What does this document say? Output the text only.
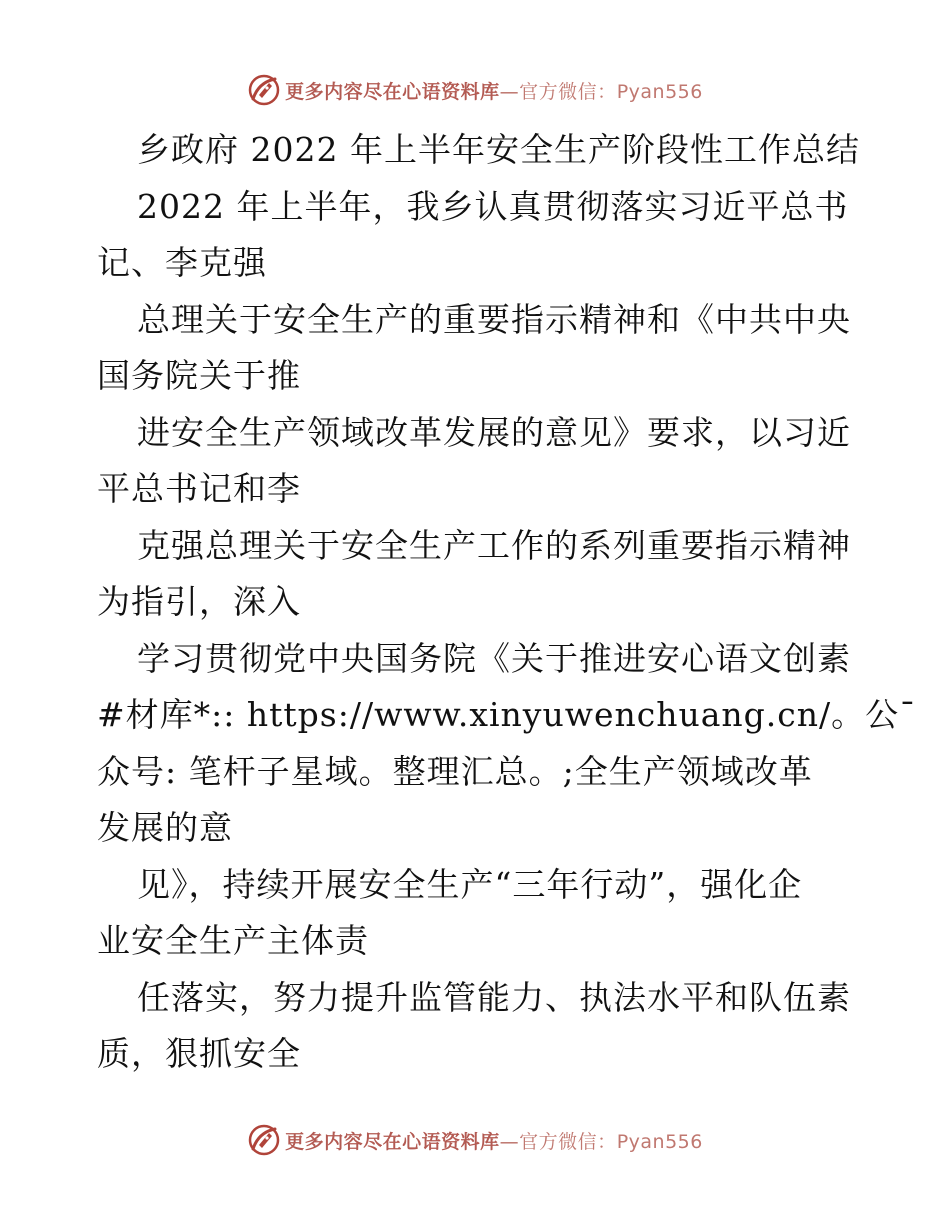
更多内容尽在心语资料库—官方微信：Pyan556
乡政府 2022 年上半年安全生产阶段性工作总结
2022 年上半年，我乡认真贯彻落实习近平总书
记、李克强
总理关于安全生产的重要指示精神和《中共中央
国务院关于推
进安全生产领域改革发展的意见》要求，以习近
平总书记和李
克强总理关于安全生产工作的系列重要指示精神
为指引，深入
学习贯彻党中央国务院《关于推进安心语文创素
#材库*:: https://www.xinyuwenchuang.cn/。公¯
众号: 笔杆子星域。整理汇总。;全生产领域改革
发展的意
见》，持续开展安全生产“三年行动”，强化企
业安全生产主体责
任落实，努力提升监管能力、执法水平和队伍素
质，狠抓安全
更多内容尽在心语资料库—官方微信：Pyan556
